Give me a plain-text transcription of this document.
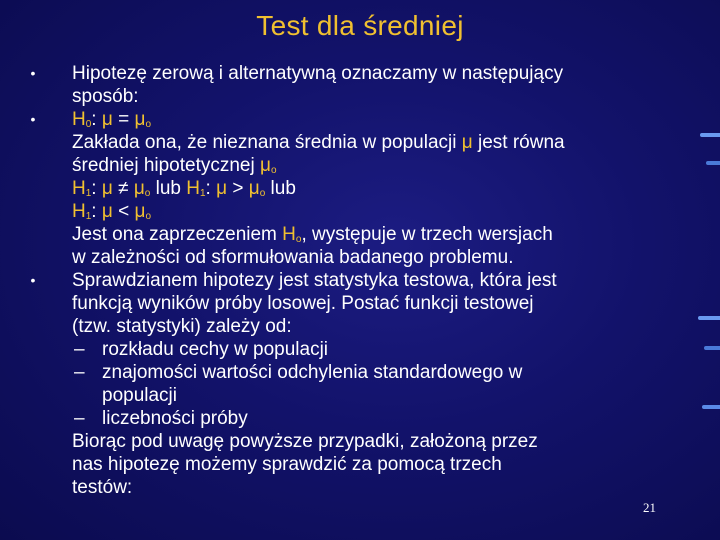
Test dla średniej
•	Hipotezę zerową i alternatywną oznaczamy w następujący
sposób:
•	$H_0$: $\mu = \mu_o$
Zakłada ona, że nieznana średnia w populacji μ jest równa
średniej hipotetycznej $\mu_o$
$H_1$: $\mu \ne \mu_o$ lub $H_1$: $\mu > \mu_o$ lub
$H_1$: $\mu < \mu_o$
Jest ona zaprzeczeniem $H_o$, występuje w trzech wersjach
w zależności od sformułowania badanego problemu.
•	Sprawdzianem hipotezy jest statystyka testowa, która jest
funkcją wyników próby losowej. Postać funkcji testowej
(tzw. statystyki) zależy od:
– rozkładu cechy w populacji
– znajomości wartości odchylenia standardowego w
populacji
– liczebności próby
Biorąc pod uwagę powyższe przypadki, założoną przez
nas hipotezę możemy sprawdzić za pomocą trzech
testów:
21
